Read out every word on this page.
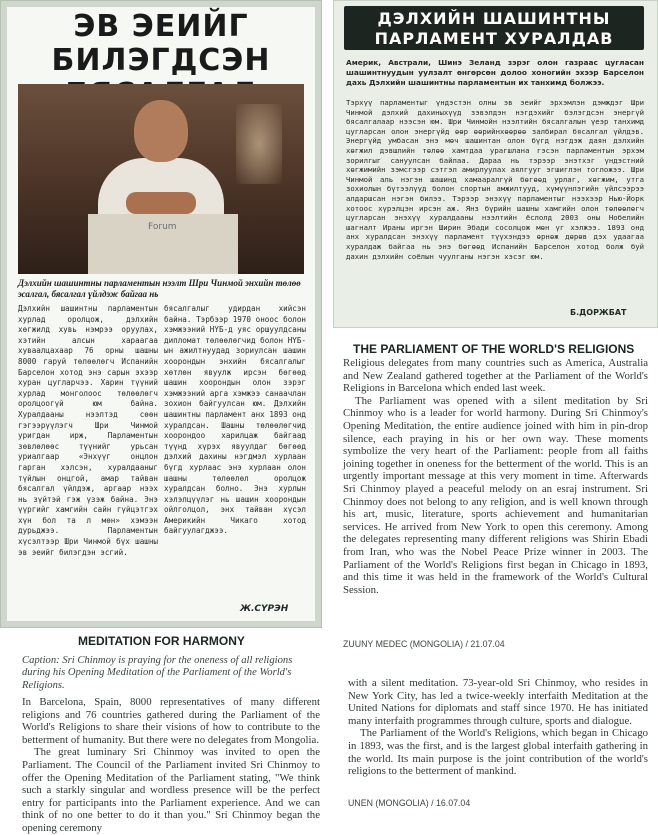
ЭВ ЭЕИЙГ БИЛЭГДСЭН
Forum
Дэлхийн шашинтны парламентын нээлт Шри Чинмой энхийн төлөө эсалгал, бясалгал үйлдэж байгаа нь
Дэлхийн шашинтны парламентын хурлад оролцож, дэлхийн хөгжилд хувь нэмрээ оруулах, хэтийн алсын хараагаа хуваалцахаар 76 орны шашны 8000 гаруй төлөөлөгч Испанийн Барселон хотод энэ сарын эхээр хуран цугларчээ. Харин түүний хурлад монголоос төлөөлөгч оролцоогүй юм байна. Хуралдааны нээлтэд сөөн гэгээрүүлэгч Шри Чинмой уригдан ирж, Парламентын зөвлөлөөс түүнийг урьсан уриалгаар «Энхүүг онцлон гарган хэлсэн, хуралдааныг түйлын онцгой, амар тайван бясалгал үйлдэж, аргаар нээх нь зүйтэй гэж үзэж байна. Энэ үүргийг хамгийн сайн гүйцэтгэх хүн бол та л мөн» хэмээн дурьджээ. Парламентын хүсэлтээр Шри Чинмой бүх шашны эв эеийг билэгдэн эсгий.
бясалгалыг удирдан хийсэн байна. Тэрбээр 1970 оноос болон хэмжээний НҮБ-д уяс оршуулдсаны дипломат төлөөлөгчид болон НҮБ-ын ажилтнуудад зориулсан шашин хоорондын энхийн бясалгалыг хөтлөн явуулж ирсэн бөгөөд шашин хоорондын олон зэрэг хэмжээний арга хэмжээ санаачлан зохион байгуулсан юм. Дэлхийн шашинтны парламент анх 1893 онд хуралдсан. Шашны төлөөлөгчид хоорондоо харилцаж байгаад түүнд хүрэх явуулдаг бөгөөд дэлхий дахины нэгдмэл хурлаан бүгд хурлаас энэ хурлаан олон шашны төлөөлөл оролцож хуралдсан болно. Энэ хурлын хэлэлцүүлэг нь шашин хоорондын ойлголцол, энх тайван хүсэл Америкийн Чикаго хотод байгуулагджээ.
Ж.СҮРЭН
ДЭЛХИЙН ШАШИНТНЫ ПАРЛАМЕНТ ХУРАЛДАВ
Америк, Австрали, Шинэ Зеланд зэрэг олон газраас цугласан шашинтнуудын уулзалт өнгөрсөн долоо хоногийн эхээр Барселон дахь Дэлхийн шашинтны парламентын их танхимд болжээ.
Тэрхүү парламентыг үндэстэн олны эв эеийг эрхэмлэн дэмждэг Шри Чинмой дэлхий дахиныхүүд зэвэлдэн нэгдэхийг бэлэгдсэн энергүй бясалгалаар нээсэн юм. Шри Чинмойн нээлтийн бясалгалын үеэр танхимд цугларсан олон энергүйд өөр өөрийнхөөрөө залбирал бясалгал үйлдэв. Энергүйд умбасан энэ мөч шашинтан олон бүгд нэгдэж даян дэлхийн хөгжил дэвшлийн төлөө хамтдаа урагшлана гэсэн парламентын эрхэм зорилгыг сануулсан байлаа. Дараа нь тэрээр энэтхэг үндэстний хөгжимийн зэмсгээр сэтгэл амирлуулах аялгууг эгшиглэн тогложээ. Шри Чинмой аль нэгэн шашинд хамааралгүй бөгөөд урлаг, хөгжим, утга зохиолын бүтээлүүд болон спортын амжилтууд, хүмүүнлэгийн үйлсээрээ алдаршсан нэгэн билээ. Тэрээр энэхүү парламентыг нээхээр Нью-Йорк хотоос хүрэлцэн ирсэн аж. Янз бүрийн шашны хамгийн олон төлөөлөгч цугларсан энэхүү хуралдааны нээлтийн ёслолд 2003 оны Нобелийн шагналт Ираны иргэн Ширин Эбади сосолцож мөн үг хэлжээ. 1893 онд анх хуралдсан энэхүү парламент түүхэндээ өрнөж дөрөв дэх удаагаа хуралдаж байгаа нь энэ бөгөөд Испанийн Барселон хотод болж буй дахин дэлхийн соёлын чуулганы нэгэн хэсэг юм.
Б.ДОРЖБАТ
THE PARLIAMENT OF THE WORLD'S RELIGIONS

Religious delegates from many countries such as America, Australia and New Zealand gathered together at the Parliament of the World's Religions in Barcelona which ended last week.

The Parliament was opened with a silent meditation by Sri Chinmoy who is a leader for world harmony. During Sri Chinmoy's Opening Meditation, the entire audience joined with him in pin-drop silence, each praying in his or her own way. These moments symbolize the very heart of the Parliament: people from all faiths joining together in oneness for the betterment of the world. This is an urgently important message at this very moment in time. Afterwards Sri Chinmoy played a peaceful melody on an esraj instrument. Sri Chinmoy does not belong to any religion, and is well known through his art, music, literature, sports achievement and humanitarian services. He arrived from New York to open this ceremony. Among the delegates representing many different religions was Shirin Ebadi from Iran, who was the Nobel Peace Prize winner in 2003. The Parliament of the World's Religions first began in Chicago in 1893, and this time it was held in the framework of the World's Cultural Session.

ZUUNY MEDEC (MONGOLIA) / 21.07.04
MEDITATION FOR HARMONY
Caption: Sri Chinmoy is praying for the oneness of all religions during his Opening Meditation of the Parliament of the World's Religions.

In Barcelona, Spain, 8000 representatives of many different religions and 76 countries gathered during the Parliament of the World's Religions to share their visions of how to contribute to the betterment of humanity. But there were no delegates from Mongolia.

The great luminary Sri Chinmoy was invited to open the Parliament. The Council of the Parliament invited Sri Chinmoy to offer the Opening Meditation of the Parliament stating, "We think such a starkly singular and wordless presence will be the perfect entry for participants into the Parliament experience. And we can think of no one better to do it than you." Sri Chinmoy began the opening ceremony

with a silent meditation. 73-year-old Sri Chinmoy, who resides in New York City, has led a twice-weekly interfaith Meditation at the United Nations for diplomats and staff since 1970. He has initiated many interfaith programmes through culture, sports and dialogue.

The Parliament of the World's Religions, which began in Chicago in 1893, was the first, and is the largest global interfaith gathering in the world. Its main purpose is the joint contribution of the world's religions to the betterment of mankind.

UNEN (MONGOLIA) / 16.07.04
